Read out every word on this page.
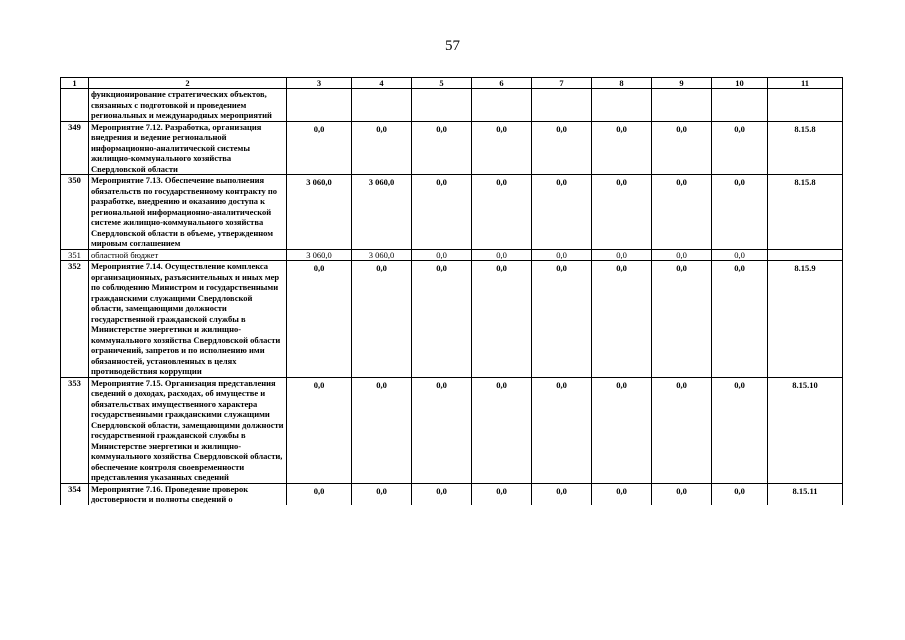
57
1	2	3	4	5	6	7	8	9	10	11
	функционирование стратегических объектов, связанных с подготовкой и проведением региональных и международных мероприятий									
349	Мероприятие 7.12. Разработка, организация внедрения и ведение региональной информационно-аналитической системы жилищно-коммунального хозяйства Свердловской области	0,0	0,0	0,0	0,0	0,0	0,0	0,0	0,0	8.15.8
350	Мероприятие 7.13. Обеспечение выполнения обязательств по государственному контракту по разработке, внедрению и оказанию доступа к региональной информационно-аналитической системе жилищно-коммунального хозяйства Свердловской области в объеме, утвержденном мировым соглашением	3 060,0	3 060,0	0,0	0,0	0,0	0,0	0,0	0,0	8.15.8
351	областной бюджет	3 060,0	3 060,0	0,0	0,0	0,0	0,0	0,0	0,0	
352	Мероприятие 7.14. Осуществление комплекса организационных, разъяснительных и иных мер по соблюдению Министром и государственными гражданскими служащими Свердловской области, замещающими должности государственной гражданской службы в Министерстве энергетики и жилищно-коммунального хозяйства Свердловской области ограничений, запретов и по исполнению ими обязанностей, установленных в целях противодействия коррупции	0,0	0,0	0,0	0,0	0,0	0,0	0,0	0,0	8.15.9
353	Мероприятие 7.15. Организация представления сведений о доходах, расходах, об имуществе и обязательствах имущественного характера государственными гражданскими служащими Свердловской области, замещающими должности государственной гражданской службы в Министерстве энергетики и жилищно-коммунального хозяйства Свердловской области, обеспечение контроля своевременности представления указанных сведений	0,0	0,0	0,0	0,0	0,0	0,0	0,0	0,0	8.15.10
354	Мероприятие 7.16. Проведение проверок достоверности и полноты сведений о	0,0	0,0	0,0	0,0	0,0	0,0	0,0	0,0	8.15.11
